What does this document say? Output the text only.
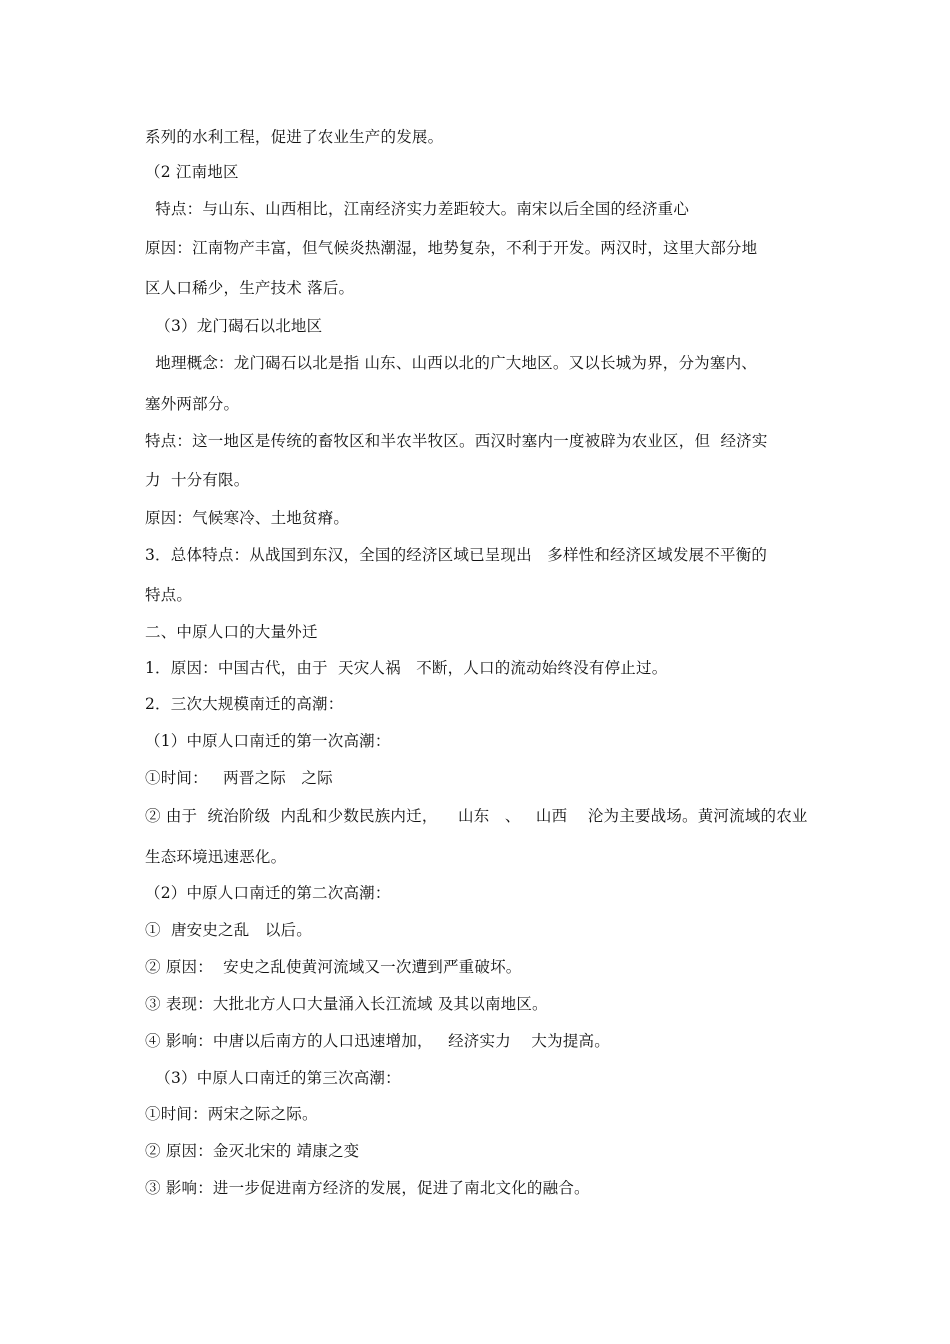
系列的水利工程，促进了农业生产的发展。
（2 江南地区
特点：与山东、山西相比，江南经济实力差距较大。南宋以后全国的经济重心
原因：江南物产丰富，但气候炎热潮湿，地势复杂，不利于开发。两汉时，这里大部分地
区人口稀少，生产技术 落后。
（3）龙门碣石以北地区
地理概念：龙门碣石以北是指 山东、山西以北的广大地区。又以长城为界，分为塞内、
塞外两部分。
特点：这一地区是传统的畜牧区和半农半牧区。西汉时塞内一度被辟为农业区，但  经济实
力  十分有限。
原因：气候寒冷、土地贫瘠。
3．总体特点：从战国到东汉，全国的经济区域已呈现出   多样性和经济区域发展不平衡的
特点。
二、中原人口的大量外迁
1．原因：中国古代，由于  天灾人祸   不断，人口的流动始终没有停止过。
2．三次大规模南迁的高潮：
（1）中原人口南迁的第一次高潮：
①时间：   两晋之际   之际
② 由于  统治阶级  内乱和少数民族内迁，    山东   、   山西    沦为主要战场。黄河流域的农业
生态环境迅速恶化。
（2）中原人口南迁的第二次高潮：
①  唐安史之乱   以后。
② 原因：  安史之乱使黄河流域又一次遭到严重破坏。
③ 表现：大批北方人口大量涌入长江流域 及其以南地区。
④ 影响：中唐以后南方的人口迅速增加，   经济实力    大为提高。
（3）中原人口南迁的第三次高潮：
①时间：两宋之际之际。
② 原因：金灭北宋的 靖康之变
③ 影响：进一步促进南方经济的发展，促进了南北文化的融合。
